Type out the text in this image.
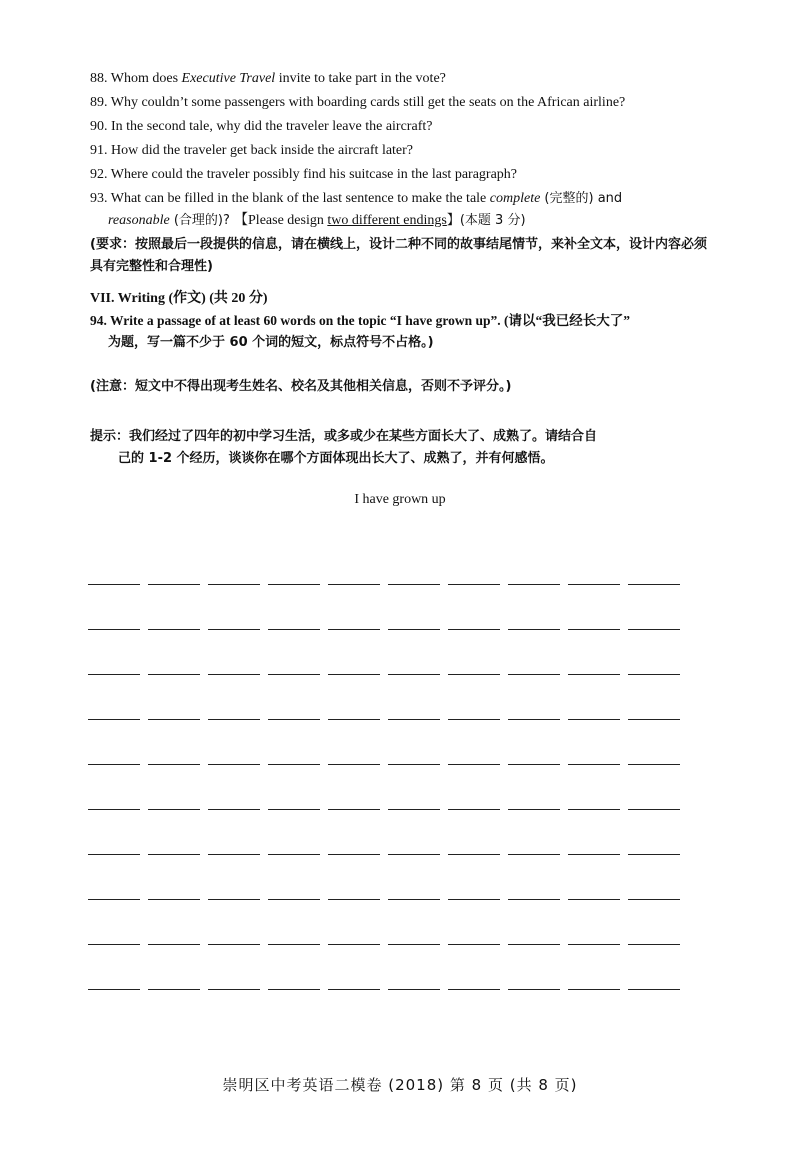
88. Whom does Executive Travel invite to take part in the vote?
89. Why couldn’t some passengers with boarding cards still get the seats on the African airline?
90. In the second tale, why did the traveler leave the aircraft?
91. How did the traveler get back inside the aircraft later?
92. Where could the traveler possibly find his suitcase in the last paragraph?
93. What can be filled in the blank of the last sentence to make the tale complete (完整的) and
reasonable (合理的)? 【Please design two different endings】(本题 3 分)
(要求：按照最后一段提供的信息，请在横线上，设计二种不同的故事结尾情节，来补全文本，设计内容必须具有完整性和合理性)
VII. Writing (作文) (共 20 分)
94. Write a passage of at least 60 words on the topic “I have grown up”. (请以“我已经长大了”
为题，写一篇不少于 60 个词的短文，标点符号不占格。)
(注意：短文中不得出现考生姓名、校名及其他相关信息，否则不予评分。)
提示：我们经过了四年的初中学习生活，或多或少在某些方面长大了、成熟了。请结合自
己的 1-2 个经历，谈谈你在哪个方面体现出长大了、成熟了，并有何感悟。
I have grown up
崇明区中考英语二模卷 (2018) 第 8 页 (共 8 页)
